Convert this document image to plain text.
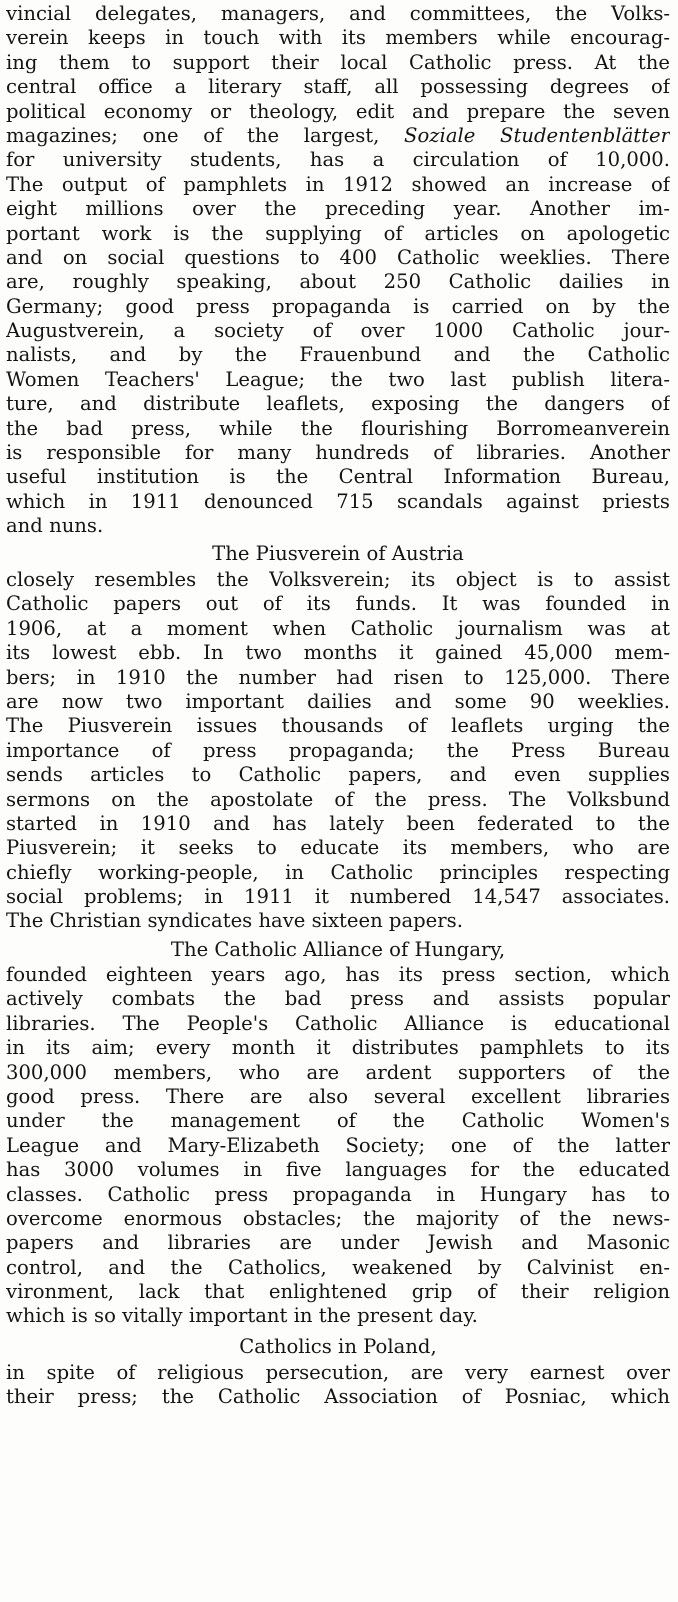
vincial delegates, managers, and committees, the Volks-
verein keeps in touch with its members while encourag-
ing them to support their local Catholic press. At the
central office a literary staff, all possessing degrees of
political economy or theology, edit and prepare the seven
magazines; one of the largest, Soziale Studentenblätter
for university students, has a circulation of 10,000.
The output of pamphlets in 1912 showed an increase of
eight millions over the preceding year. Another im-
portant work is the supplying of articles on apologetic
and on social questions to 400 Catholic weeklies. There
are, roughly speaking, about 250 Catholic dailies in
Germany; good press propaganda is carried on by the
Augustverein, a society of over 1000 Catholic jour-
nalists, and by the Frauenbund and the Catholic
Women Teachers' League; the two last publish litera-
ture, and distribute leaflets, exposing the dangers of
the bad press, while the flourishing Borromeanverein
is responsible for many hundreds of libraries. Another
useful institution is the Central Information Bureau,
which in 1911 denounced 715 scandals against priests
and nuns.
The Piusverein of Austria
closely resembles the Volksverein; its object is to assist
Catholic papers out of its funds. It was founded in
1906, at a moment when Catholic journalism was at
its lowest ebb. In two months it gained 45,000 mem-
bers; in 1910 the number had risen to 125,000. There
are now two important dailies and some 90 weeklies.
The Piusverein issues thousands of leaflets urging the
importance of press propaganda; the Press Bureau
sends articles to Catholic papers, and even supplies
sermons on the apostolate of the press. The Volksbund
started in 1910 and has lately been federated to the
Piusverein; it seeks to educate its members, who are
chiefly working-people, in Catholic principles respecting
social problems; in 1911 it numbered 14,547 associates.
The Christian syndicates have sixteen papers.
The Catholic Alliance of Hungary,
founded eighteen years ago, has its press section, which
actively combats the bad press and assists popular
libraries. The People's Catholic Alliance is educational
in its aim; every month it distributes pamphlets to its
300,000 members, who are ardent supporters of the
good press. There are also several excellent libraries
under the management of the Catholic Women's
League and Mary-Elizabeth Society; one of the latter
has 3000 volumes in five languages for the educated
classes. Catholic press propaganda in Hungary has to
overcome enormous obstacles; the majority of the news-
papers and libraries are under Jewish and Masonic
control, and the Catholics, weakened by Calvinist en-
vironment, lack that enlightened grip of their religion
which is so vitally important in the present day.
Catholics in Poland,
in spite of religious persecution, are very earnest over
their press; the Catholic Association of Posniac, which
